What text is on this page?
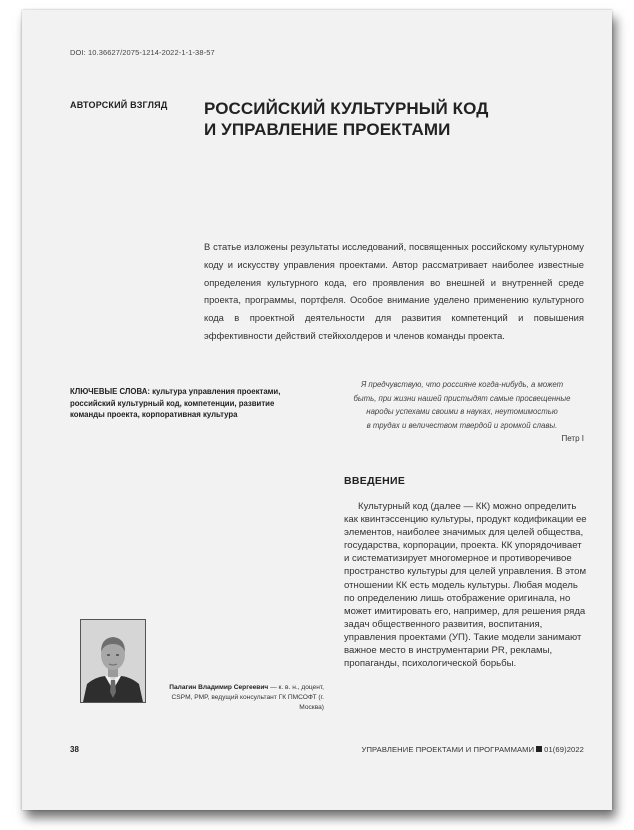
DOI: 10.36627/2075-1214-2022-1-1-38-57
АВТОРСКИЙ ВЗГЛЯД РОССИЙСКИЙ КУЛЬТУРНЫЙ КОД
И УПРАВЛЕНИЕ ПРОЕКТАМИ
В статье изложены результаты исследований, посвященных российскому культурному коду и искусству управления проектами. Автор рассматривает наиболее известные определения культурного кода, его проявления во внешней и внутренней среде проекта, программы, портфеля. Особое внимание уделено применению культурного кода в проектной деятельности для развития компетенций и повышения эффективности действий стейкхолдеров и членов команды проекта.
КЛЮЧЕВЫЕ СЛОВА: культура управления проектами, российский культурный код, компетенции, развитие команды проекта, корпоративная культура
Я предчувствую, что россияне когда-нибудь, а может
быть, при жизни нашей пристыдят самые просвещенные
народы успехами своими в науках, неутомимостью
в трудах и величеством твердой и громкой славы.
Петр I
ВВЕДЕНИЕ

Культурный код (далее — КК) можно определить как квинтэссенцию культуры, продукт кодификации ее элементов, наиболее значимых для целей общества, государства, корпорации, проекта. КК упорядочивает и систематизирует многомерное и противоречивое пространство культуры для целей управления. В этом отношении КК есть модель культуры. Любая модель по определению лишь отображение оригинала, но может имитировать его, например, для решения ряда задач общественного развития, воспитания, управления проектами (УП). Такие модели занимают важное место в инструментарии PR, рекламы, пропаганды, психологической борьбы.

Палагин Владимир Сергеевич — к. в. н., доцент, CSPM, PMP, ведущий консультант ГК ПМСОФТ (г. Москва)
38	УПРАВЛЕНИЕ ПРОЕКТАМИ И ПРОГРАММАМИ 01(69)2022
